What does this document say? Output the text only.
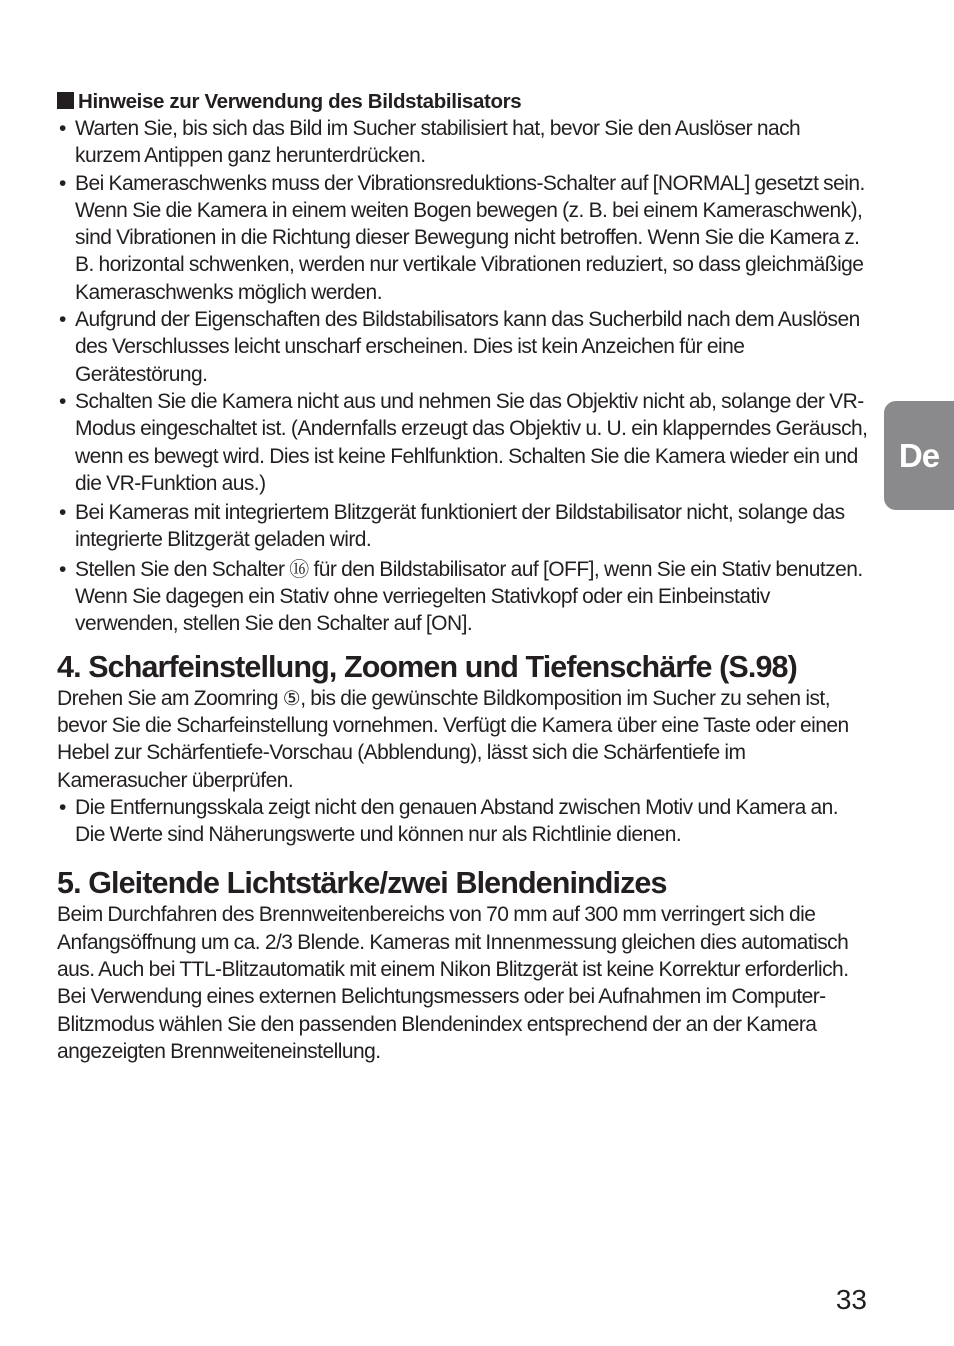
Hinweise zur Verwendung des Bildstabilisators
• Warten Sie, bis sich das Bild im Sucher stabilisiert hat, bevor Sie den Auslöser nach kurzem Antippen ganz herunterdrücken.
• Bei Kameraschwenks muss der Vibrationsreduktions-Schalter auf [NORMAL] gesetzt sein. Wenn Sie die Kamera in einem weiten Bogen bewegen (z. B. bei einem Kameraschwenk), sind Vibrationen in die Richtung dieser Bewegung nicht betroffen. Wenn Sie die Kamera z. B. horizontal schwenken, werden nur vertikale Vibrationen reduziert, so dass gleichmäßige Kameraschwenks möglich werden.
• Aufgrund der Eigenschaften des Bildstabilisators kann das Sucherbild nach dem Auslösen des Verschlusses leicht unscharf erscheinen. Dies ist kein Anzeichen für eine Gerätestörung.
• Schalten Sie die Kamera nicht aus und nehmen Sie das Objektiv nicht ab, solange der VR-Modus eingeschaltet ist. (Andernfalls erzeugt das Objektiv u. U. ein klapperndes Geräusch, wenn es bewegt wird. Dies ist keine Fehlfunktion. Schalten Sie die Kamera wieder ein und die VR-Funktion aus.)
• Bei Kameras mit integriertem Blitzgerät funktioniert der Bildstabilisator nicht, solange das integrierte Blitzgerät geladen wird.
• Stellen Sie den Schalter ⑯ für den Bildstabilisator auf [OFF], wenn Sie ein Stativ benutzen. Wenn Sie dagegen ein Stativ ohne verriegelten Stativkopf oder ein Einbeinstativ verwenden, stellen Sie den Schalter auf [ON].
4. Scharfeinstellung, Zoomen und Tiefenschärfe (S.98)

Drehen Sie am Zoomring ⑤, bis die gewünschte Bildkomposition im Sucher zu sehen ist, bevor Sie die Scharfeinstellung vornehmen. Verfügt die Kamera über eine Taste oder einen Hebel zur Schärfentiefe-Vorschau (Abblendung), lässt sich die Schärfentiefe im Kamerasucher überprüfen.

• Die Entfernungsskala zeigt nicht den genauen Abstand zwischen Motiv und Kamera an. Die Werte sind Näherungswerte und können nur als Richtlinie dienen.
5. Gleitende Lichtstärke/zwei Blendenindizes

Beim Durchfahren des Brennweitenbereichs von 70 mm auf 300 mm verringert sich die Anfangsöffnung um ca. 2/3 Blende. Kameras mit Innenmessung gleichen dies automatisch aus. Auch bei TTL-Blitzautomatik mit einem Nikon Blitzgerät ist keine Korrektur erforderlich. Bei Verwendung eines externen Belichtungsmessers oder bei Aufnahmen im Computer-Blitzmodus wählen Sie den passenden Blendenindex entsprechend der an der Kamera angezeigten Brennweiteneinstellung.

De
33
